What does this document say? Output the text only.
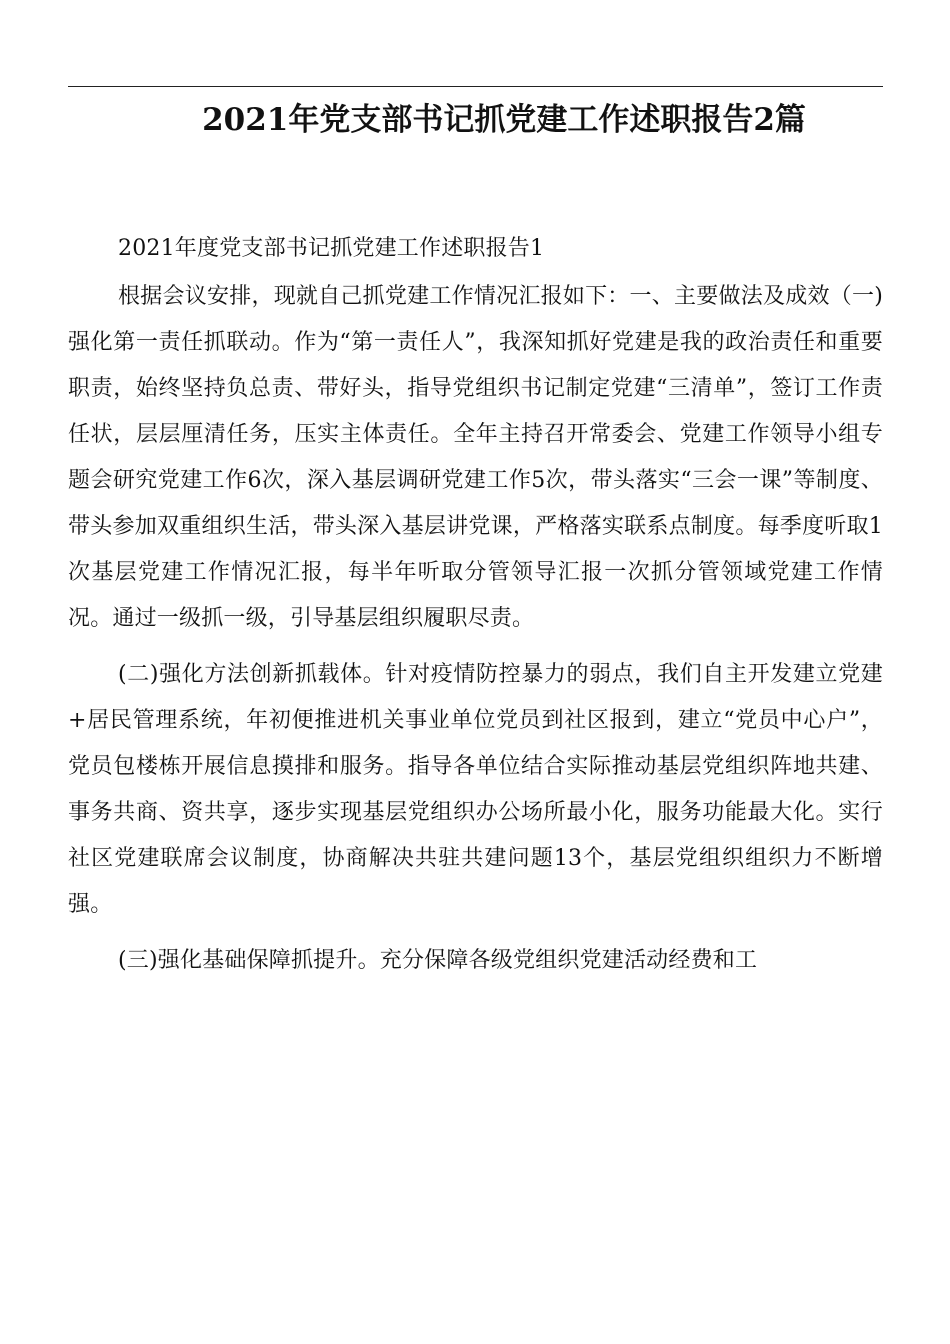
2021年党支部书记抓党建工作述职报告2篇

2021年度党支部书记抓党建工作述职报告1

根据会议安排，现就自己抓党建工作情况汇报如下：一、主要做法及成效（一)强化第一责任抓联动。作为“第一责任人”，我深知抓好党建是我的政治责任和重要职责，始终坚持负总责、带好头，指导党组织书记制定党建“三清单”，签订工作责任状，层层厘清任务，压实主体责任。全年主持召开常委会、党建工作领导小组专题会研究党建工作6次，深入基层调研党建工作5次，带头落实“三会一课”等制度、带头参加双重组织生活，带头深入基层讲党课，严格落实联系点制度。每季度听取1次基层党建工作情况汇报，每半年听取分管领导汇报一次抓分管领域党建工作情况。通过一级抓一级，引导基层组织履职尽责。

(二)强化方法创新抓载体。针对疫情防控暴力的弱点，我们自主开发建立党建+居民管理系统，年初便推进机关事业单位党员到社区报到，建立“党员中心户”，党员包楼栋开展信息摸排和服务。指导各单位结合实际推动基层党组织阵地共建、事务共商、资共享，逐步实现基层党组织办公场所最小化，服务功能最大化。实行社区党建联席会议制度，协商解决共驻共建问题13个，基层党组织组织力不断增强。

(三)强化基础保障抓提升。充分保障各级党组织党建活动经费和工
